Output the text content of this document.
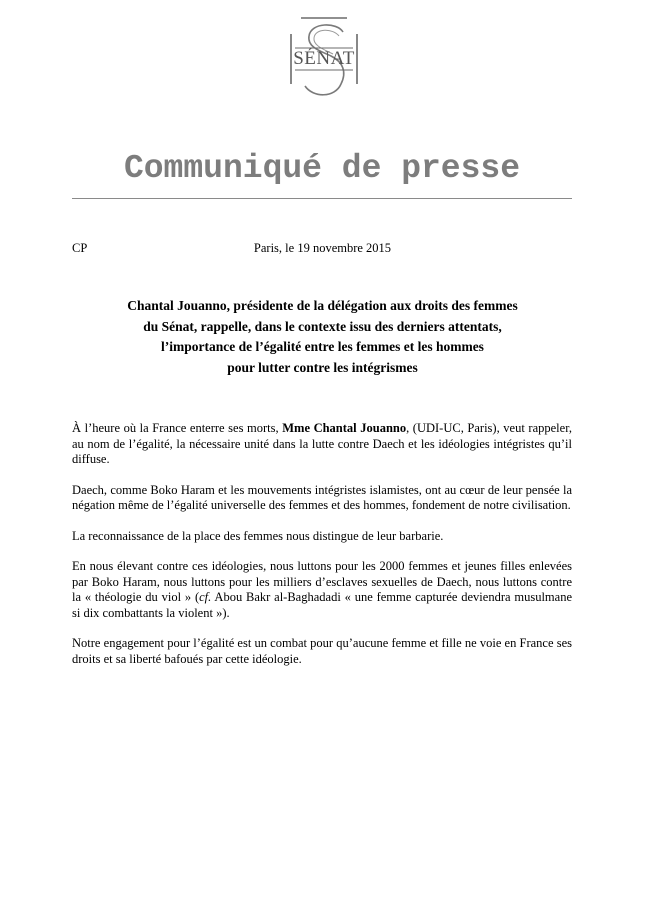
SÉNAT
Communiqué de presse
CP	Paris, le 19 novembre 2015
Chantal Jouanno, présidente de la délégation aux droits des femmes
du Sénat, rappelle, dans le contexte issu des derniers attentats,
l’importance de l’égalité entre les femmes et les hommes
pour lutter contre les intégrismes

À l’heure où la France enterre ses morts, Mme Chantal Jouanno, (UDI-UC, Paris), veut rappeler, au nom de l’égalité, la nécessaire unité dans la lutte contre Daech et les idéologies intégristes qu’il diffuse.

Daech, comme Boko Haram et les mouvements intégristes islamistes, ont au cœur de leur pensée la négation même de l’égalité universelle des femmes et des hommes, fondement de notre civilisation.

La reconnaissance de la place des femmes nous distingue de leur barbarie.

En nous élevant contre ces idéologies, nous luttons pour les 2000 femmes et jeunes filles enlevées par Boko Haram, nous luttons pour les milliers d’esclaves sexuelles de Daech, nous luttons contre la « théologie du viol » (cf. Abou Bakr al-Baghadadi « une femme capturée deviendra musulmane si dix combattants la violent »).

Notre engagement pour l’égalité est un combat pour qu’aucune femme et fille ne voie en France ses droits et sa liberté bafoués par cette idéologie.
